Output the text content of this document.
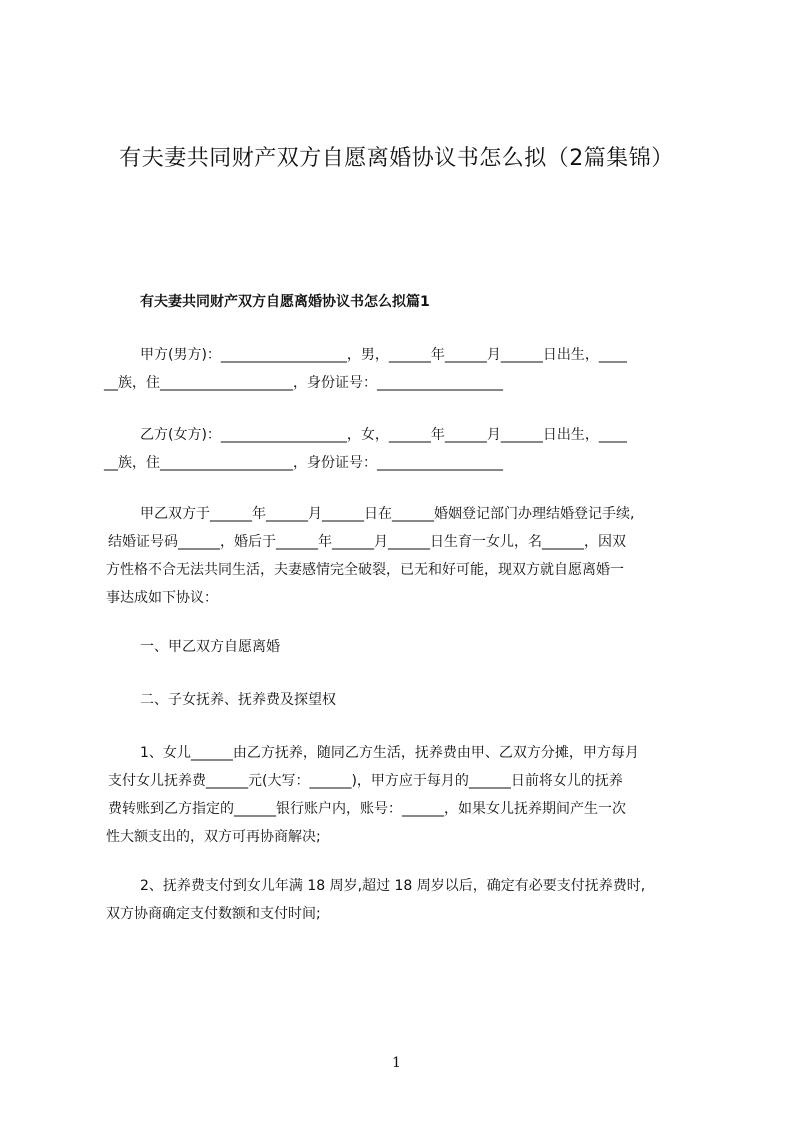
有夫妻共同财产双方自愿离婚协议书怎么拟（2篇集锦）
有夫妻共同财产双方自愿离婚协议书怎么拟篇1
甲方(男方)：__________________，男，______年______月______日出生，____
__族，住___________________，身份证号：__________________
乙方(女方)：__________________，女，______年______月______日出生，____
__族，住___________________，身份证号：__________________
甲乙双方于______年______月______日在______婚姻登记部门办理结婚登记手续,
结婚证号码______，婚后于______年______月______日生育一女儿，名______，因双
方性格不合无法共同生活，夫妻感情完全破裂，已无和好可能，现双方就自愿离婚一
事达成如下协议：
一、甲乙双方自愿离婚
二、子女抚养、抚养费及探望权
1、女儿______由乙方抚养，随同乙方生活，抚养费由甲、乙双方分摊，甲方每月
支付女儿抚养费______元(大写：______)，甲方应于每月的______日前将女儿的抚养
费转账到乙方指定的______银行账户内，账号：______，如果女儿抚养期间产生一次
性大额支出的，双方可再协商解决;
2、抚养费支付到女儿年满 18 周岁,超过 18 周岁以后，确定有必要支付抚养费时,
双方协商确定支付数额和支付时间;
1
